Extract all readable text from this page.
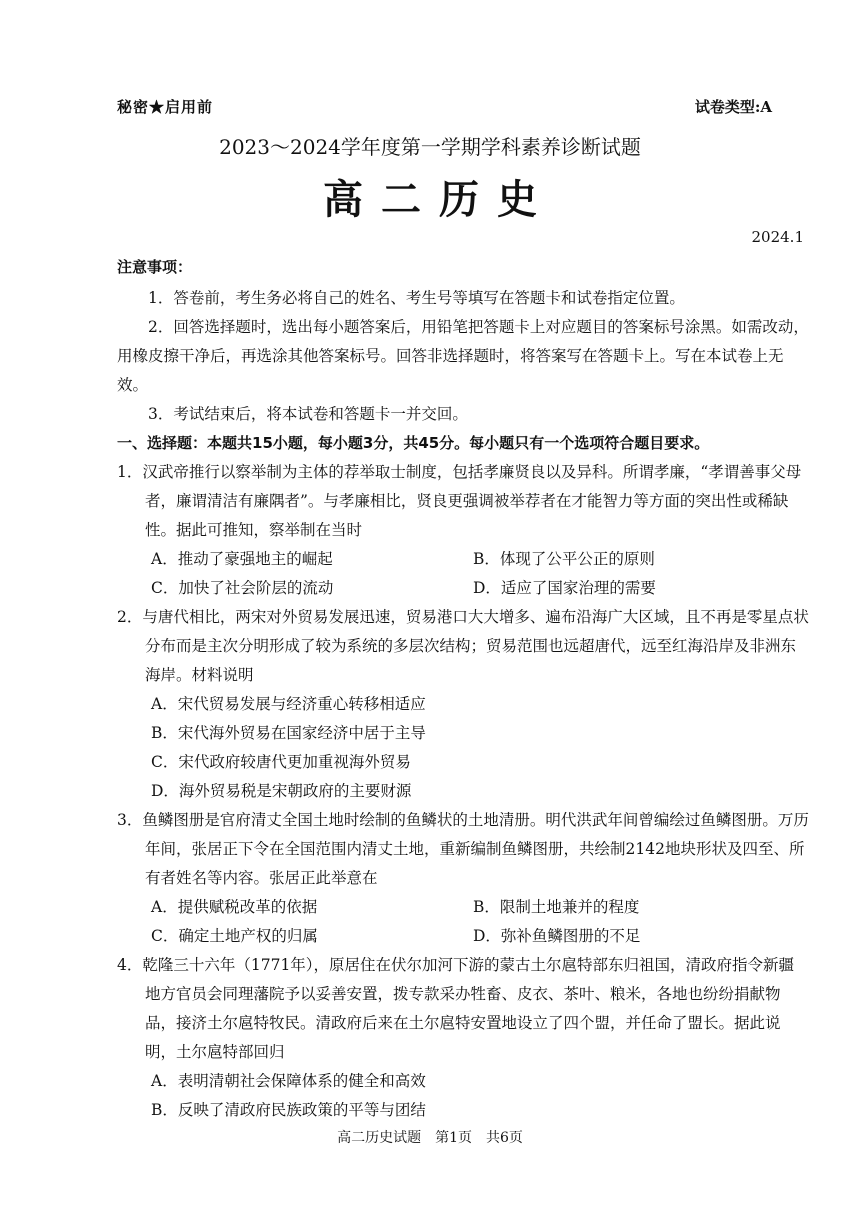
秘密★启用前	试卷类型:A
2023～2024学年度第一学期学科素养诊断试题
高二历史
2024.1
注意事项：

1．答卷前，考生务必将自己的姓名、考生号等填写在答题卡和试卷指定位置。

2．回答选择题时，选出每小题答案后，用铅笔把答题卡上对应题目的答案标号涂黑。如需改动，用橡皮擦干净后，再选涂其他答案标号。回答非选择题时，将答案写在答题卡上。写在本试卷上无效。

3．考试结束后，将本试卷和答题卡一并交回。

一、选择题：本题共15小题，每小题3分，共45分。每小题只有一个选项符合题目要求。

1．汉武帝推行以察举制为主体的荐举取士制度，包括孝廉贤良以及异科。所谓孝廉，“孝谓善事父母者，廉谓清洁有廉隅者”。与孝廉相比，贤良更强调被举荐者在才能智力等方面的突出性或稀缺性。据此可推知，察举制在当时

A．推动了豪强地主的崛起	B．体现了公平公正的原则
C．加快了社会阶层的流动	D．适应了国家治理的需要

2．与唐代相比，两宋对外贸易发展迅速，贸易港口大大增多、遍布沿海广大区域，且不再是零星点状分布而是主次分明形成了较为系统的多层次结构；贸易范围也远超唐代，远至红海沿岸及非洲东海岸。材料说明

A．宋代贸易发展与经济重心转移相适应

B．宋代海外贸易在国家经济中居于主导

C．宋代政府较唐代更加重视海外贸易

D．海外贸易税是宋朝政府的主要财源

3．鱼鳞图册是官府清丈全国土地时绘制的鱼鳞状的土地清册。明代洪武年间曾编绘过鱼鳞图册。万历年间，张居正下令在全国范围内清丈土地，重新编制鱼鳞图册，共绘制2142地块形状及四至、所有者姓名等内容。张居正此举意在

A．提供赋税改革的依据	B．限制土地兼并的程度
C．确定土地产权的归属	D．弥补鱼鳞图册的不足

4．乾隆三十六年（1771年），原居住在伏尔加河下游的蒙古土尔扈特部东归祖国，清政府指令新疆地方官员会同理藩院予以妥善安置，拨专款采办牲畜、皮衣、茶叶、粮米，各地也纷纷捐献物品，接济土尔扈特牧民。清政府后来在土尔扈特安置地设立了四个盟，并任命了盟长。据此说明，土尔扈特部回归

A．表明清朝社会保障体系的健全和高效

B．反映了清政府民族政策的平等与团结

高二历史试题　第1页　共6页
